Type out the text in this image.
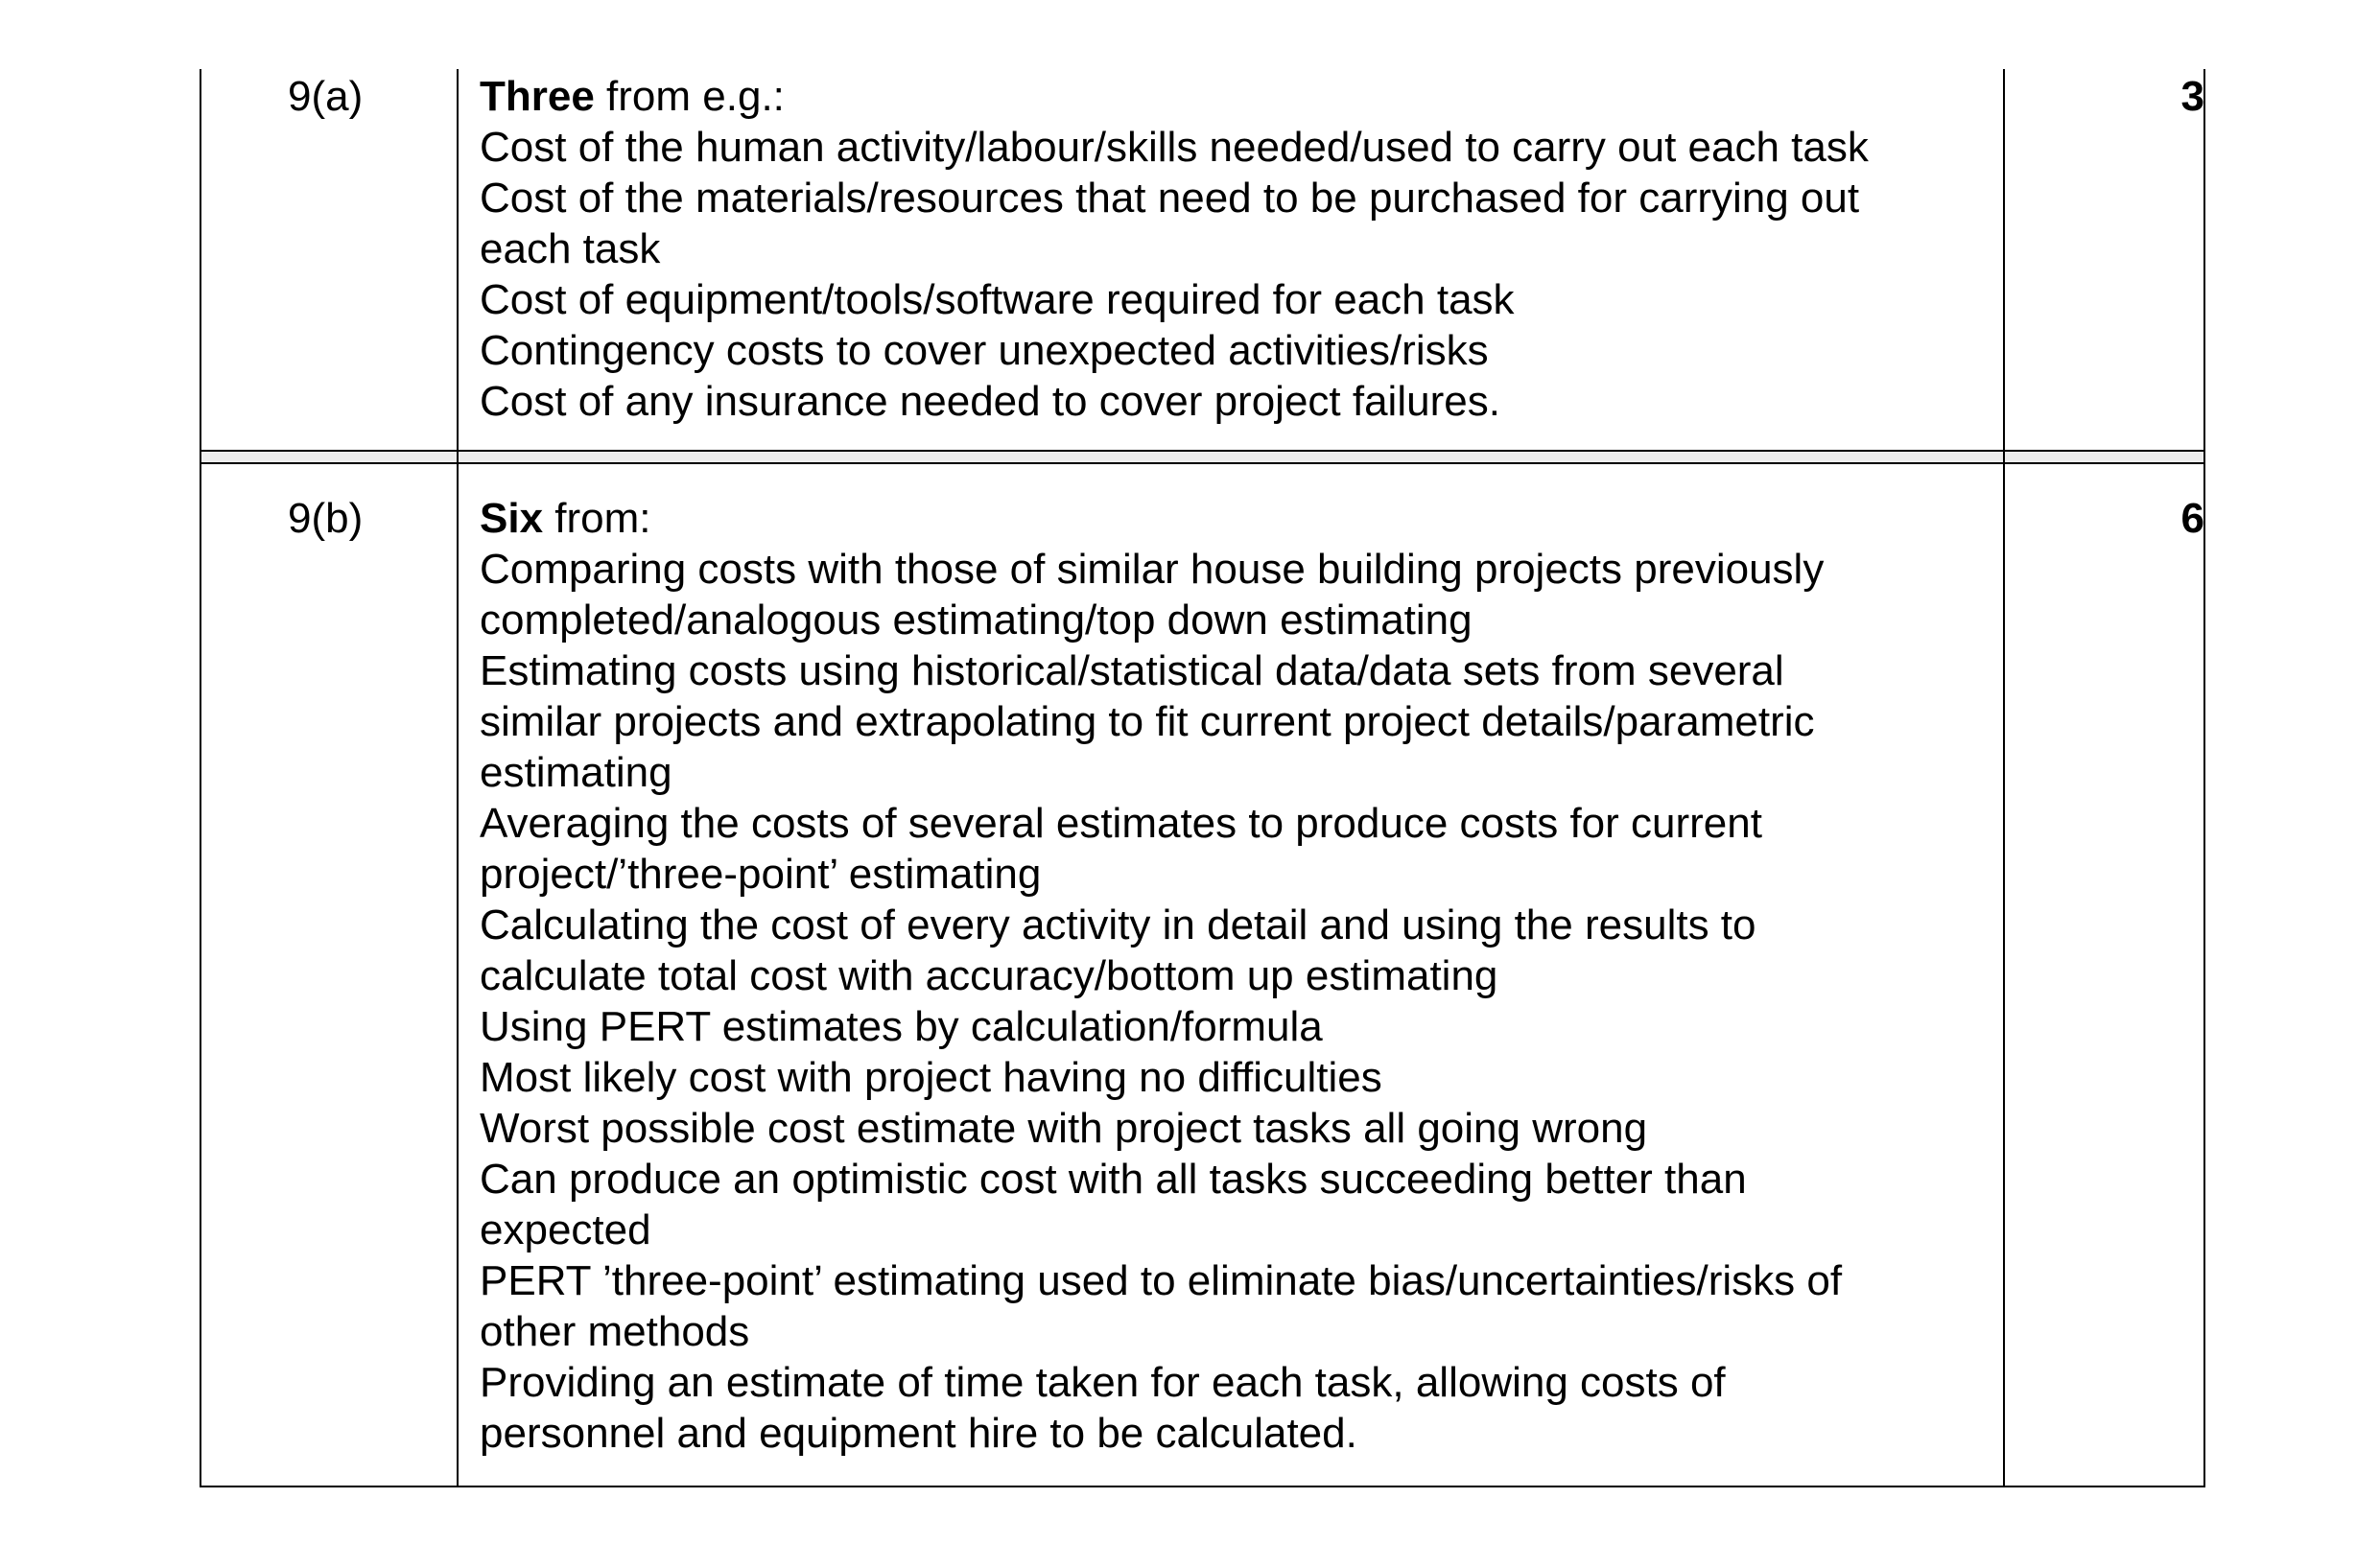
9(a)	Three from e.g.:
Cost of the human activity/labour/skills needed/used to carry out each task
Cost of the materials/resources that need to be purchased for carrying out
each task
Cost of equipment/tools/software required for each task
Contingency costs to cover unexpected activities/risks
Cost of any insurance needed to cover project failures.
3
9(b)	Six from:
Comparing costs with those of similar house building projects previously
completed/analogous estimating/top down estimating
Estimating costs using historical/statistical data/data sets from several
similar projects and extrapolating to fit current project details/parametric
estimating
Averaging the costs of several estimates to produce costs for current
project/’three-point’ estimating
Calculating the cost of every activity in detail and using the results to
calculate total cost with accuracy/bottom up estimating
Using PERT estimates by calculation/formula
Most likely cost with project having no difficulties
Worst possible cost estimate with project tasks all going wrong
Can produce an optimistic cost with all tasks succeeding better than
expected
PERT ’three-point’ estimating used to eliminate bias/uncertainties/risks of
other methods
Providing an estimate of time taken for each task, allowing costs of
personnel and equipment hire to be calculated.
6
